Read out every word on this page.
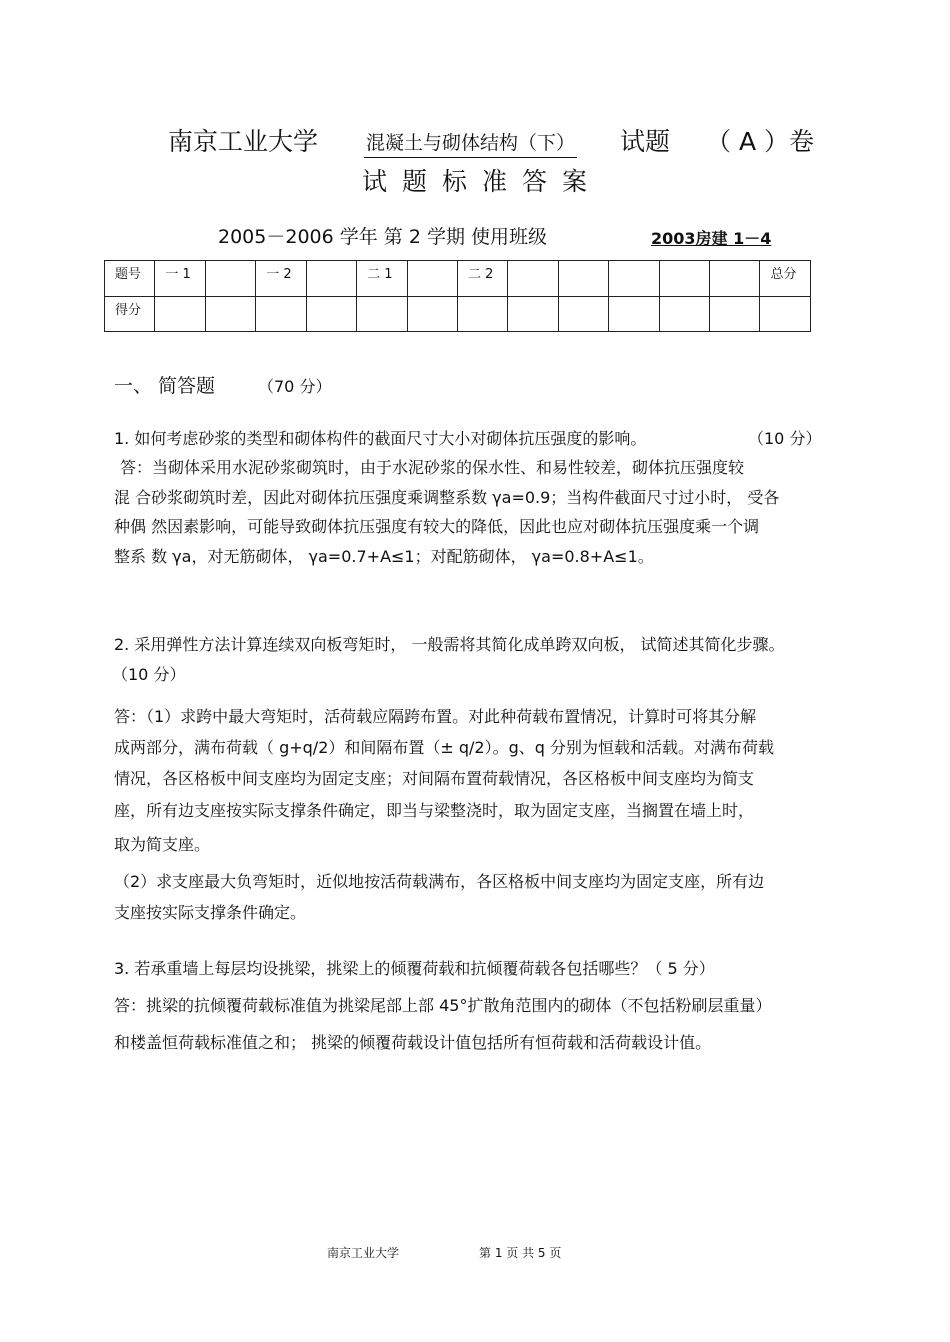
南京工业大学	混凝土与砌体结构（下） 试题 （ A ）卷
试题标准答案
2005－2006 学年 第 2 学期 使用班级	2003房建 1－4
题号	一 1		一 2		二 1		二 2						总分
得分													
一、 简答题	（70 分）
1. 如何考虑砂浆的类型和砌体构件的截面尺寸大小对砌体抗压强度的影响。	（10 分）
答：当砌体采用水泥砂浆砌筑时，由于水泥砂浆的保水性、和易性较差，砌体抗压强度较
混 合砂浆砌筑时差，因此对砌体抗压强度乘调整系数 γa=0.9；当构件截面尺寸过小时， 受各
种偶 然因素影响，可能导致砌体抗压强度有较大的降低，因此也应对砌体抗压强度乘一个调
整系 数 γa，对无筋砌体， γa=0.7+A≤1；对配筋砌体， γa=0.8+A≤1。
2. 采用弹性方法计算连续双向板弯矩时， 一般需将其简化成单跨双向板， 试简述其简化步骤。
（10 分）
答：（1）求跨中最大弯矩时，活荷载应隔跨布置。对此种荷载布置情况，计算时可将其分解
成两部分，满布荷载（ g+q/2）和间隔布置（± q/2）。g、q 分别为恒载和活载。对满布荷载
情况，各区格板中间支座均为固定支座；对间隔布置荷载情况，各区格板中间支座均为简支
座，所有边支座按实际支撑条件确定，即当与梁整浇时，取为固定支座，当搁置在墙上时，
取为简支座。
（2）求支座最大负弯矩时，近似地按活荷载满布，各区格板中间支座均为固定支座，所有边
支座按实际支撑条件确定。
3. 若承重墙上每层均设挑梁，挑梁上的倾覆荷载和抗倾覆荷载各包括哪些？（ 5 分）
答：挑梁的抗倾覆荷载标准值为挑梁尾部上部 45°扩散角范围内的砌体（不包括粉刷层重量）
和楼盖恒荷载标准值之和； 挑梁的倾覆荷载设计值包括所有恒荷载和活荷载设计值。
南京工业大学	第 1 页 共 5 页
